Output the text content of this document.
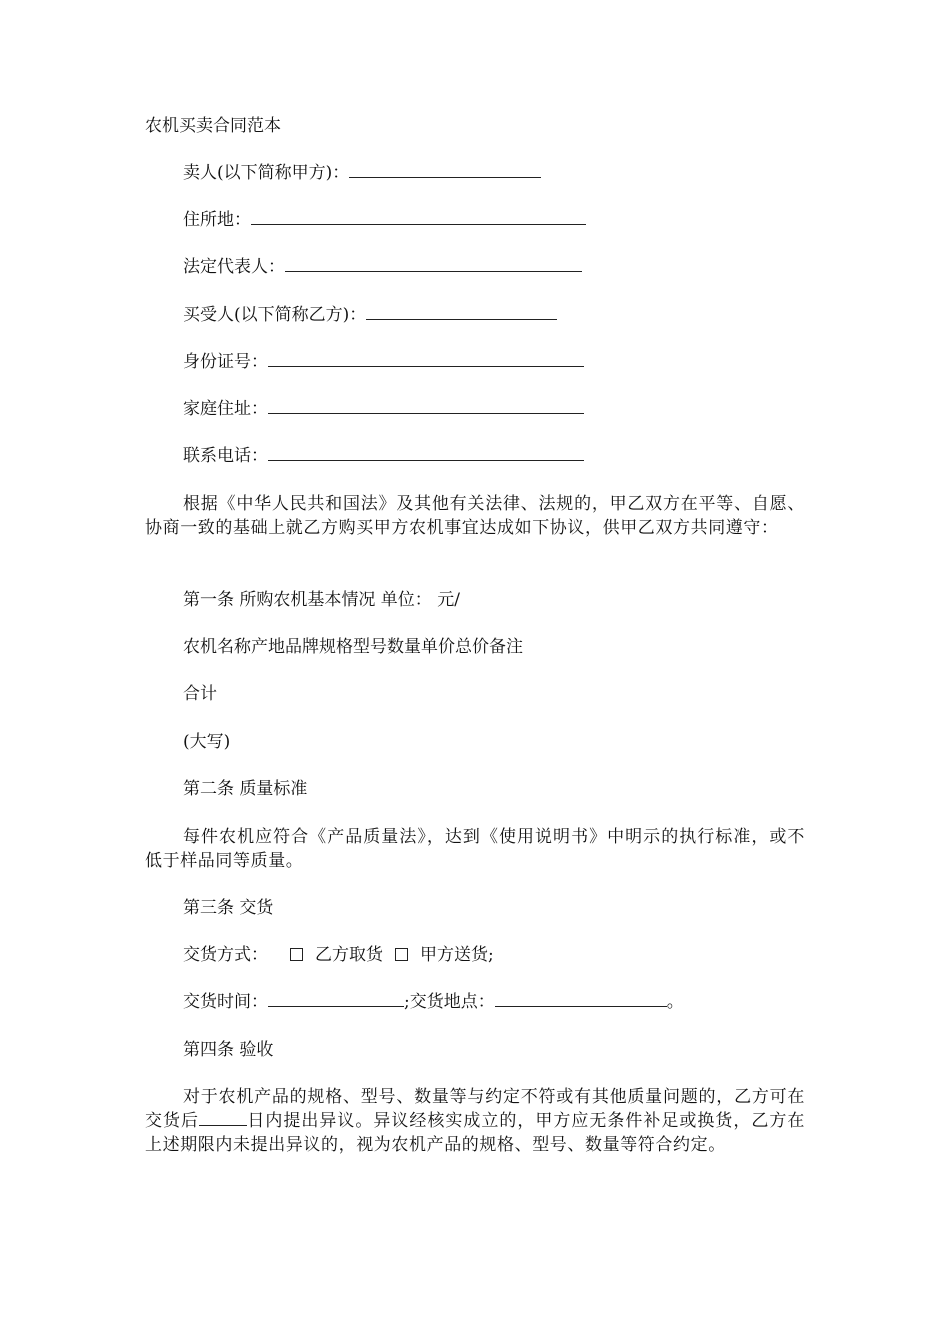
农机买卖合同范本
卖人(以下简称甲方)：
住所地：
法定代表人：
买受人(以下简称乙方)：
身份证号：
家庭住址：
联系电话：
根据《中华人民共和国法》及其他有关法律、法规的，甲乙双方在平等、自愿、协商一致的基础上就乙方购买甲方农机事宜达成如下协议，供甲乙双方共同遵守：
第一条 所购农机基本情况 单位： 元/
农机名称产地品牌规格型号数量单价总价备注
合计
(大写)
第二条 质量标准
每件农机应符合《产品质量法》，达到《使用说明书》中明示的执行标准，或不低于样品同等质量。
第三条 交货
交货方式：	乙方取货 甲方送货;
交货时间：	;交货地点：	。
第四条 验收
对于农机产品的规格、型号、数量等与约定不符或有其他质量问题的，乙方可在交货后	日内提出异议。异议经核实成立的，甲方应无条件补足或换货，乙方在上述期限内未提出异议的，视为农机产品的规格、型号、数量等符合约定。
